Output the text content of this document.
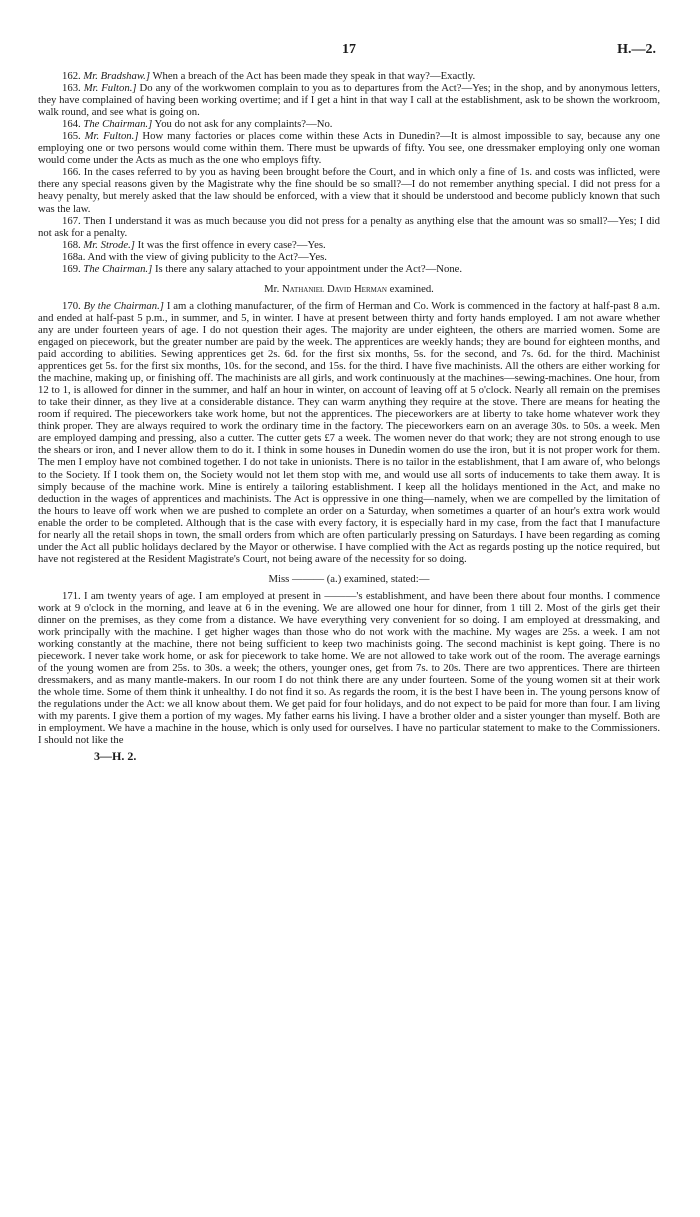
17	H.—2.

162. Mr. Bradshaw.] When a breach of the Act has been made they speak in that way?—Exactly.

163. Mr. Fulton.] Do any of the workwomen complain to you as to departures from the Act?—Yes; in the shop, and by anonymous letters, they have complained of having been working overtime; and if I get a hint in that way I call at the establishment, ask to be shown the workroom, walk round, and see what is going on.

164. The Chairman.] You do not ask for any complaints?—No.

165. Mr. Fulton.] How many factories or places come within these Acts in Dunedin?—It is almost impossible to say, because any one employing one or two persons would come within them. There must be upwards of fifty. You see, one dressmaker employing only one woman would come under the Acts as much as the one who employs fifty.

166. In the cases referred to by you as having been brought before the Court, and in which only a fine of 1s. and costs was inflicted, were there any special reasons given by the Magistrate why the fine should be so small?—I do not remember anything special. I did not press for a heavy penalty, but merely asked that the law should be enforced, with a view that it should be understood and become publicly known that such was the law.

167. Then I understand it was as much because you did not press for a penalty as anything else that the amount was so small?—Yes; I did not ask for a penalty.

168. Mr. Strode.] It was the first offence in every case?—Yes.

168a. And with the view of giving publicity to the Act?—Yes.

169. The Chairman.] Is there any salary attached to your appointment under the Act?—None.

Mr. Nathaniel David Herman examined.

170. By the Chairman.] I am a clothing manufacturer, of the firm of Herman and Co. Work is commenced in the factory at half-past 8 a.m. and ended at half-past 5 p.m., in summer, and 5, in winter. I have at present between thirty and forty hands employed. I am not aware whether any are under fourteen years of age. I do not question their ages. The majority are under eighteen, the others are married women. Some are engaged on piecework, but the greater number are paid by the week. The apprentices are weekly hands; they are bound for eighteen months, and paid according to abilities. Sewing apprentices get 2s. 6d. for the first six months, 5s. for the second, and 7s. 6d. for the third. Machinist apprentices get 5s. for the first six months, 10s. for the second, and 15s. for the third. I have five machinists. All the others are either working for the machine, making up, or finishing off. The machinists are all girls, and work continuously at the machines—sewing-machines. One hour, from 12 to 1, is allowed for dinner in the summer, and half an hour in winter, on account of leaving off at 5 o'clock. Nearly all remain on the premises to take their dinner, as they live at a considerable distance. They can warm anything they require at the stove. There are means for heating the room if required. The pieceworkers take work home, but not the apprentices. The pieceworkers are at liberty to take home whatever work they think proper. They are always required to work the ordinary time in the factory. The pieceworkers earn on an average 30s. to 50s. a week. Men are employed damping and pressing, also a cutter. The cutter gets £7 a week. The women never do that work; they are not strong enough to use the shears or iron, and I never allow them to do it. I think in some houses in Dunedin women do use the iron, but it is not proper work for them. The men I employ have not combined together. I do not take in unionists. There is no tailor in the establishment, that I am aware of, who belongs to the Society. If I took them on, the Society would not let them stop with me, and would use all sorts of inducements to take them away. It is simply because of the machine work. Mine is entirely a tailoring establishment. I keep all the holidays mentioned in the Act, and make no deduction in the wages of apprentices and machinists. The Act is oppressive in one thing—namely, when we are compelled by the limitation of the hours to leave off work when we are pushed to complete an order on a Saturday, when sometimes a quarter of an hour's extra work would enable the order to be completed. Although that is the case with every factory, it is especially hard in my case, from the fact that I manufacture for nearly all the retail shops in town, the small orders from which are often particularly pressing on Saturdays. I have been regarding as coming under the Act all public holidays declared by the Mayor or otherwise. I have complied with the Act as regards posting up the notice required, but have not registered at the Resident Magistrate's Court, not being aware of the necessity for so doing.

Miss ——— (a.) examined, stated:—

171. I am twenty years of age. I am employed at present in ———'s establishment, and have been there about four months. I commence work at 9 o'clock in the morning, and leave at 6 in the evening. We are allowed one hour for dinner, from 1 till 2. Most of the girls get their dinner on the premises, as they come from a distance. We have everything very convenient for so doing. I am employed at dressmaking, and work principally with the machine. I get higher wages than those who do not work with the machine. My wages are 25s. a week. I am not working constantly at the machine, there not being sufficient to keep two machinists going. The second machinist is kept going. There is no piecework. I never take work home, or ask for piecework to take home. We are not allowed to take work out of the room. The average earnings of the young women are from 25s. to 30s. a week; the others, younger ones, get from 7s. to 20s. There are two apprentices. There are thirteen dressmakers, and as many mantle-makers. In our room I do not think there are any under fourteen. Some of the young women sit at their work the whole time. Some of them think it unhealthy. I do not find it so. As regards the room, it is the best I have been in. The young persons know of the regulations under the Act: we all know about them. We get paid for four holidays, and do not expect to be paid for more than four. I am living with my parents. I give them a portion of my wages. My father earns his living. I have a brother older and a sister younger than myself. Both are in employment. We have a machine in the house, which is only used for ourselves. I have no particular statement to make to the Commissioners. I should not like the

3—H. 2.
